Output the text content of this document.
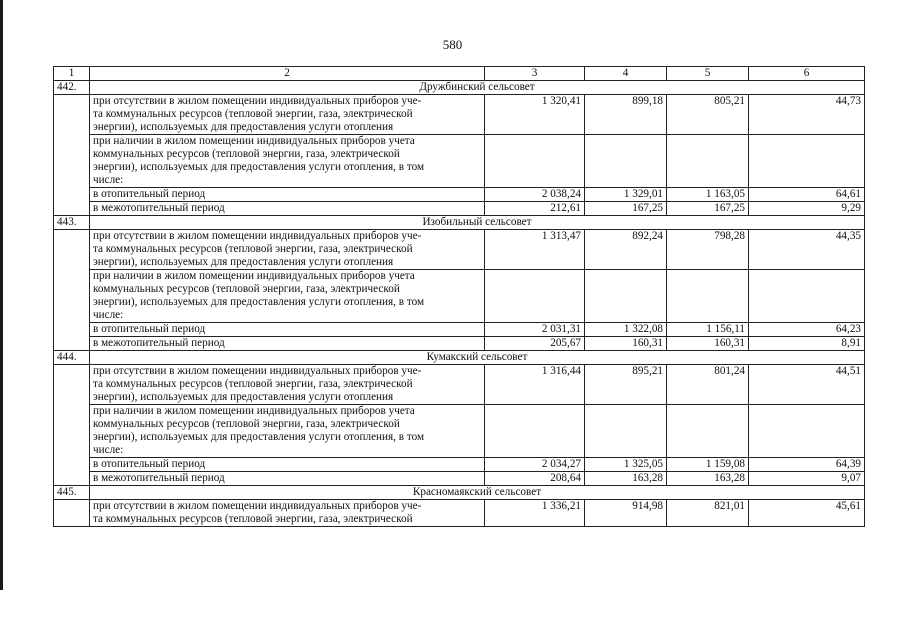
580
1	2	3	4	5	6
442.	Дружбинский сельсовет				

	при отсутствии в жилом помещении индивидуальных приборов уче-
та коммунальных ресурсов (тепловой энергии, газа, электрической
энергии), используемых для предоставления услуги отопления	1 320,41	899,18	805,21	44,73

	при наличии в жилом помещении индивидуальных приборов учета
коммунальных ресурсов (тепловой энергии, газа, электрической
энергии), используемых для предоставления услуги отопления, в том
числе:				

	в отопительный период	2 038,24	1 329,01	1 163,05	64,61
	в межотопительный период	212,61	167,25	167,25	9,29
443.	Изобильный сельсовет				

	при отсутствии в жилом помещении индивидуальных приборов уче-
та коммунальных ресурсов (тепловой энергии, газа, электрической
энергии), используемых для предоставления услуги отопления	1 313,47	892,24	798,28	44,35

	при наличии в жилом помещении индивидуальных приборов учета
коммунальных ресурсов (тепловой энергии, газа, электрической
энергии), используемых для предоставления услуги отопления, в том
числе:				

	в отопительный период	2 031,31	1 322,08	1 156,11	64,23
	в межотопительный период	205,67	160,31	160,31	8,91
444.	Кумакский сельсовет				

	при отсутствии в жилом помещении индивидуальных приборов уче-
та коммунальных ресурсов (тепловой энергии, газа, электрической
энергии), используемых для предоставления услуги отопления	1 316,44	895,21	801,24	44,51

	при наличии в жилом помещении индивидуальных приборов учета
коммунальных ресурсов (тепловой энергии, газа, электрической
энергии), используемых для предоставления услуги отопления, в том
числе:				

	в отопительный период	2 034,27	1 325,05	1 159,08	64,39
	в межотопительный период	208,64	163,28	163,28	9,07
445.	Красномаякский сельсовет				

	при отсутствии в жилом помещении индивидуальных приборов уче-
та коммунальных ресурсов (тепловой энергии, газа, электрической	1 336,21	914,98	821,01	45,61
